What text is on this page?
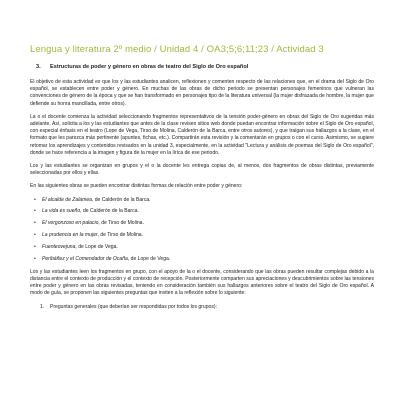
Lengua y literatura 2º medio / Unidad 4 / OA3;5;6;11;23 / Actividad 3
3. Estructuras de poder y género en obras de teatro del Siglo de Oro español

El objetivo de esta actividad es que los y las estudiantes analicen, reflexionen y comenten respecto de las relaciones que, en el drama del Siglo de Oro español, se establecen entre poder y género. En muchas de las obras de dicho periodo se presentan personajes femeninos que vulneran las convenciones de género de la época y que se han transformado en personajes tipo de la literatura universal (la mujer disfrazada de hombre, la mujer que defiende su honra mancillada, entre otros).

La o el docente comienza la actividad seleccionando fragmentos representativos de la tensión poder-género en obras del Siglo de Oro sugeridas más adelante. Así, solicita a los y las estudiantes que antes de la clase revisen sitios web donde puedan encontrar información sobre el Siglo de Oro español, con especial énfasis en el teatro (Lope de Vega, Tirso de Molina, Calderón de la Barca, entre otros autores), y que traigan sus hallazgos a la clase, en el formato que les parezca más pertinente (apuntes, fichas, etc.). Compartirán esta revisión y la comentarán en grupos o con el curso. Asimismo, se sugiere retomar los aprendizajes y contenidos revisados en la unidad 3, especialmente, en la actividad "Lectura y análisis de poemas del Siglo de Oro español", donde se hace referencia a la imagen y figura de la mujer en la lírica de ese periodo.

Los y las estudiantes se organizan en grupos y el o la docente les entrega copias de, al menos, dos fragmentos de obras distintas, previamente seleccionadas por ellos y ellas.

En las siguientes obras se pueden encontrar distintas formas de relación entre poder y género:

• El alcalde de Zalamea, de Calderón de la Barca.
• La vida es sueño, de Calderón de la Barca.
• El vergonzoso en palacio, de Tirso de Molina.
• La prudencia en la mujer, de Tirso de Molina.
• Fuenteovejuna, de Lope de Vega.
• Peribáñez y el Comendador de Ocaña, de Lope de Vega.

Los y las estudiantes leen los fragmentos en grupo, con el apoyo de la o el docente, considerando que las obras pueden resultar complejas debido a la distancia entre el contexto de producción y el contexto de recepción. Posteriormente comparten sus apreciaciones y descubrimientos sobre las tensiones entre poder y género en las obras revisadas, teniendo en consideración también sus hallazgos anteriores sobre el teatro del Siglo de Oro español. A modo de guía, se proponen las siguientes preguntas que inviten a la reflexión sobre lo siguiente:

1. Preguntas generales (que deberían ser respondidas por todos los grupos):
